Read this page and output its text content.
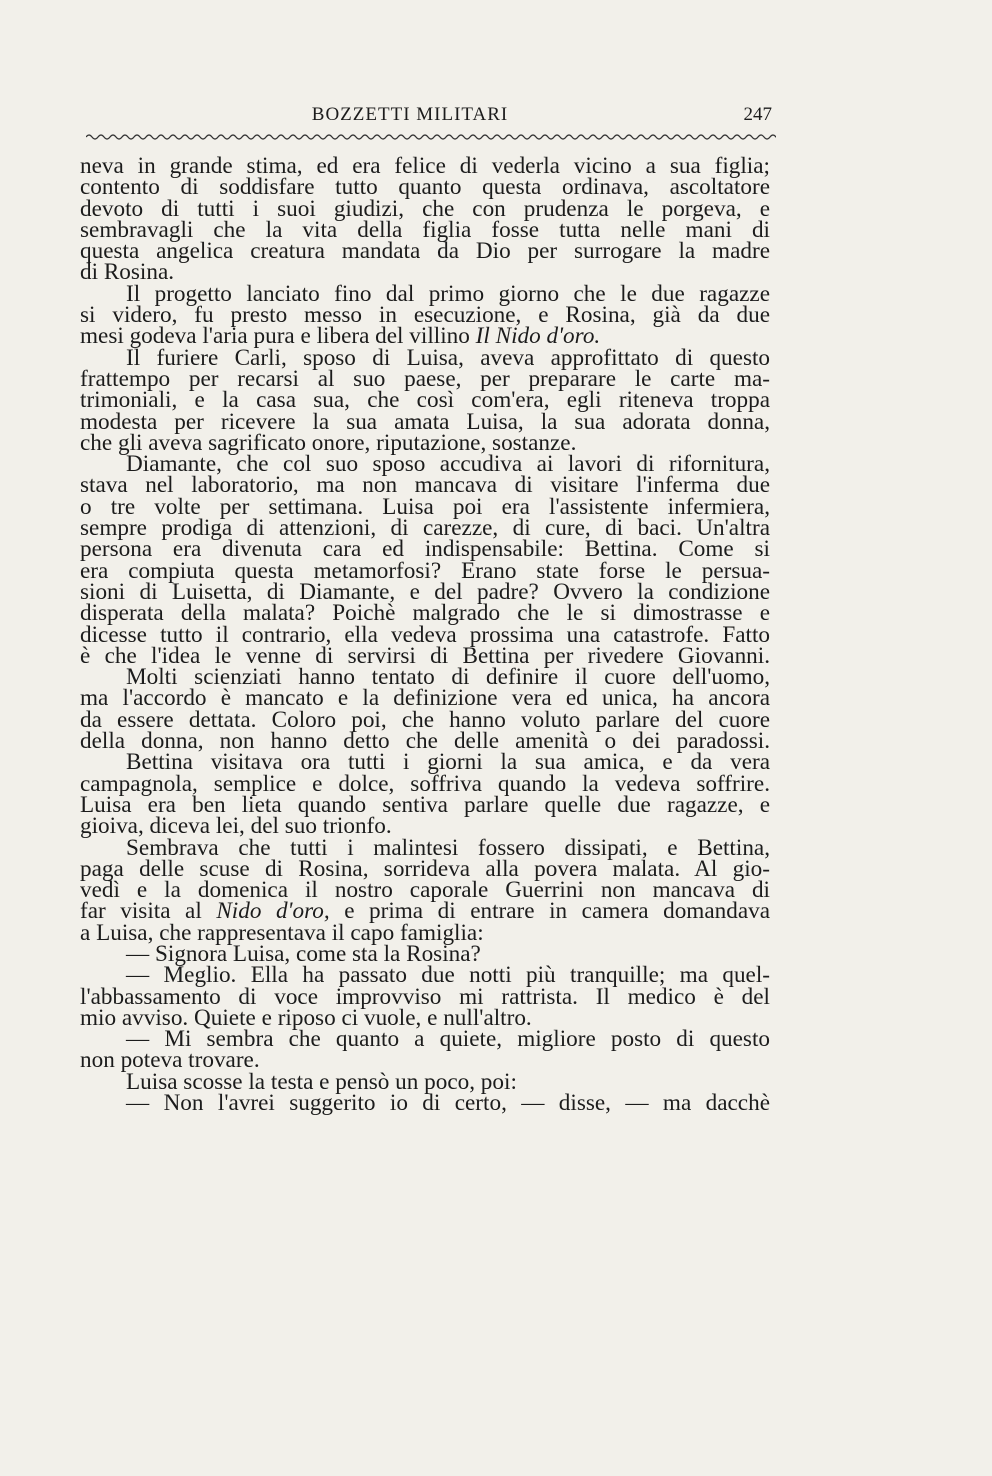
BOZZETTI MILITARI	247
neva in grande stima, ed era felice di vederla vicino a sua figlia;
contento di soddisfare tutto quanto questa ordinava, ascoltatore
devoto di tutti i suoi giudizi, che con prudenza le porgeva, e
sembravagli che la vita della figlia fosse tutta nelle mani di
questa angelica creatura mandata da Dio per surrogare la madre
di Rosina.
Il progetto lanciato fino dal primo giorno che le due ragazze
si videro, fu presto messo in esecuzione, e Rosina, già da due
mesi godeva l'aria pura e libera del villino Il Nido d'oro.
Il furiere Carli, sposo di Luisa, aveva approfittato di questo
frattempo per recarsi al suo paese, per preparare le carte ma-
trimoniali, e la casa sua, che così com'era, egli riteneva troppa
modesta per ricevere la sua amata Luisa, la sua adorata donna,
che gli aveva sagrificato onore, riputazione, sostanze.
Diamante, che col suo sposo accudiva ai lavori di rifornitura,
stava nel laboratorio, ma non mancava di visitare l'inferma due
o tre volte per settimana. Luisa poi era l'assistente infermiera,
sempre prodiga di attenzioni, di carezze, di cure, di baci. Un'altra
persona era divenuta cara ed indispensabile: Bettina. Come si
era compiuta questa metamorfosi? Erano state forse le persua-
sioni di Luisetta, di Diamante, e del padre? Ovvero la condizione
disperata della malata? Poichè malgrado che le si dimostrasse e
dicesse tutto il contrario, ella vedeva prossima una catastrofe. Fatto
è che l'idea le venne di servirsi di Bettina per rivedere Giovanni.
Molti scienziati hanno tentato di definire il cuore dell'uomo,
ma l'accordo è mancato e la definizione vera ed unica, ha ancora
da essere dettata. Coloro poi, che hanno voluto parlare del cuore
della donna, non hanno detto che delle amenità o dei paradossi.
Bettina visitava ora tutti i giorni la sua amica, e da vera
campagnola, semplice e dolce, soffriva quando la vedeva soffrire.
Luisa era ben lieta quando sentiva parlare quelle due ragazze, e
gioiva, diceva lei, del suo trionfo.
Sembrava che tutti i malintesi fossero dissipati, e Bettina,
paga delle scuse di Rosina, sorrideva alla povera malata. Al gio-
vedì e la domenica il nostro caporale Guerrini non mancava di
far visita al Nido d'oro, e prima di entrare in camera domandava
a Luisa, che rappresentava il capo famiglia:
— Signora Luisa, come sta la Rosina?
— Meglio. Ella ha passato due notti più tranquille; ma quel-
l'abbassamento di voce improvviso mi rattrista. Il medico è del
mio avviso. Quiete e riposo ci vuole, e null'altro.
— Mi sembra che quanto a quiete, migliore posto di questo
non poteva trovare.
Luisa scosse la testa e pensò un poco, poi:
— Non l'avrei suggerito io di certo, — disse, — ma dacchè
